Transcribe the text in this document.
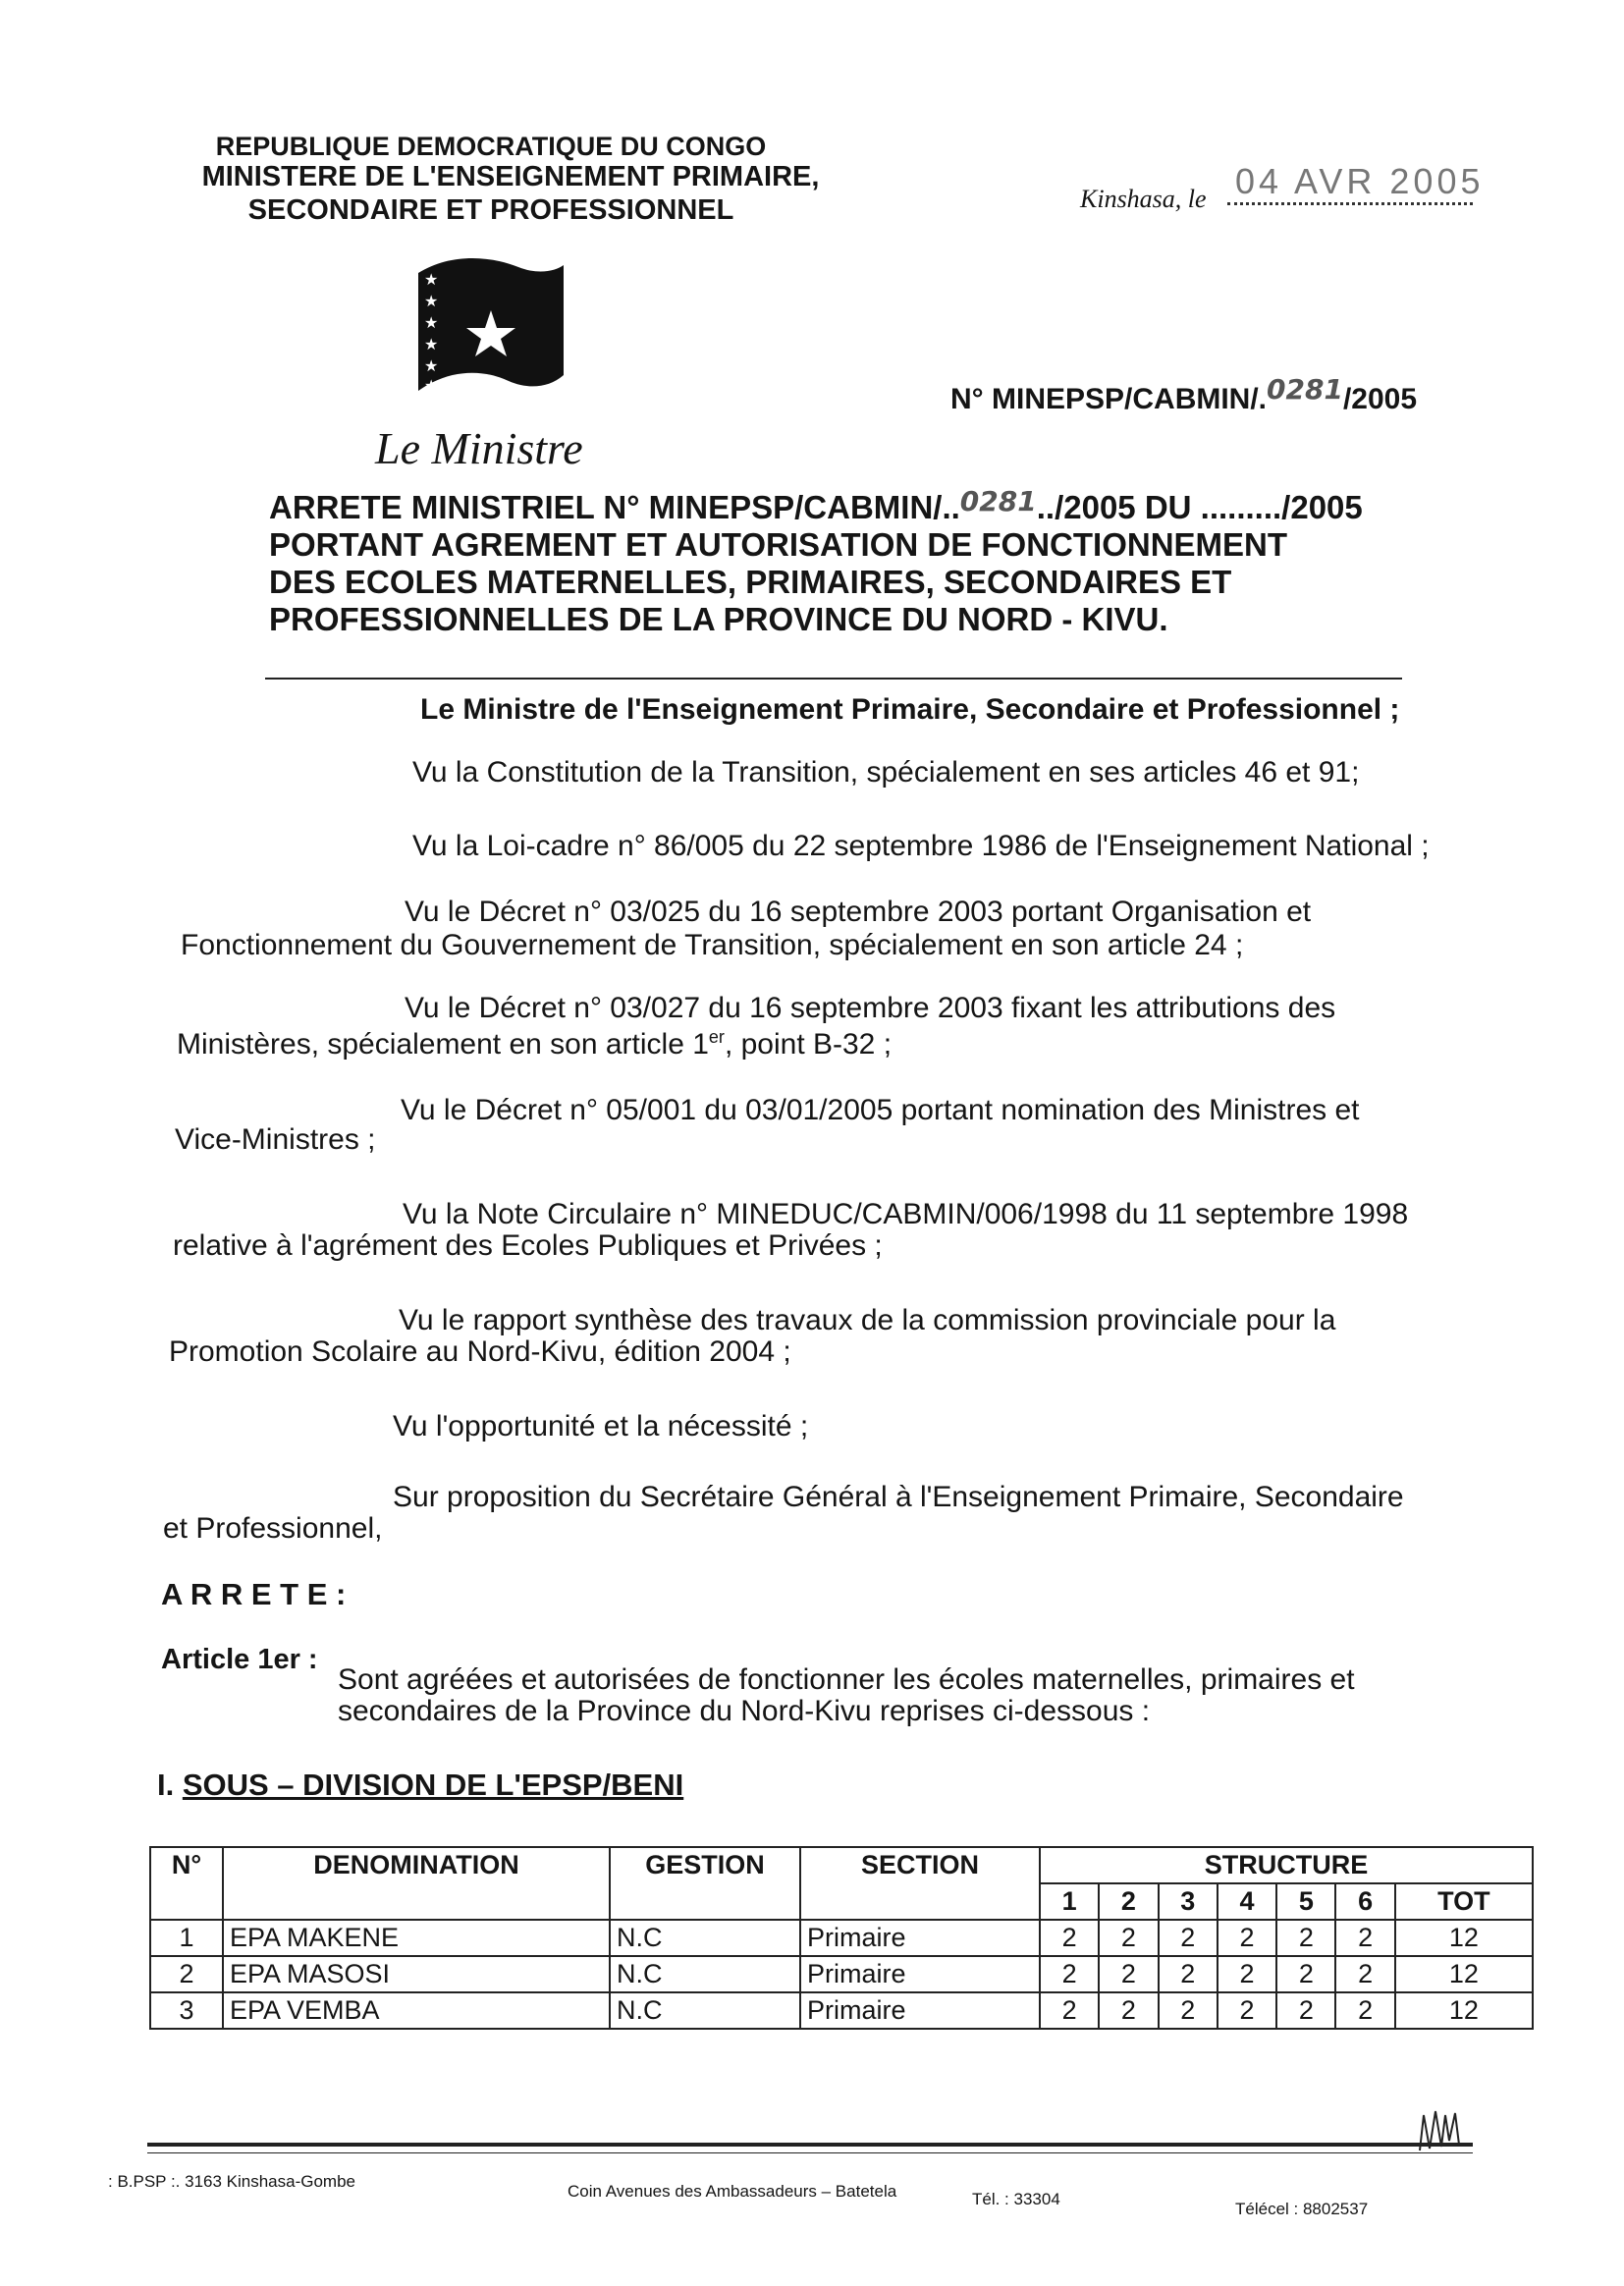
REPUBLIQUE DEMOCRATIQUE DU CONGO
MINISTERE DE L'ENSEIGNEMENT PRIMAIRE,
SECONDAIRE ET PROFESSIONNEL	Kinshasa, le 04 AVR 2005
★
★
★
★
★
★	N° MINEPSP/CABMIN/.0281/2005
Le Ministre
ARRETE MINISTRIEL N° MINEPSP/CABMIN/..$^{0281}$../2005 DU ........./2005
PORTANT AGREMENT ET AUTORISATION DE FONCTIONNEMENT
DES ECOLES MATERNELLES, PRIMAIRES, SECONDAIRES ET
PROFESSIONNELLES DE LA PROVINCE DU NORD - KIVU.
Le Ministre de l'Enseignement Primaire, Secondaire et Professionnel ;
Vu la Constitution de la Transition, spécialement en ses articles 46 et 91;
Vu la Loi-cadre n° 86/005 du 22 septembre 1986 de l'Enseignement National ;
Vu le Décret n° 03/025 du 16 septembre 2003 portant Organisation et
Fonctionnement du Gouvernement de Transition, spécialement en son article 24 ;
Vu le Décret n° 03/027 du 16 septembre 2003 fixant les attributions des
Ministères, spécialement en son article 1er, point B-32 ;
Vu le Décret n° 05/001 du 03/01/2005 portant nomination des Ministres et
Vice-Ministres ;
Vu la Note Circulaire n° MINEDUC/CABMIN/006/1998 du 11 septembre 1998
relative à l'agrément des Ecoles Publiques et Privées ;
Vu le rapport synthèse des travaux de la commission provinciale pour la
Promotion Scolaire au Nord-Kivu, édition 2004 ;
Vu l'opportunité et la nécessité ;
Sur proposition du Secrétaire Général à l'Enseignement Primaire, Secondaire
et Professionnel,
A R R E T E :
Article 1er :
Sont agréées et autorisées de fonctionner les écoles maternelles, primaires et
secondaires de la Province du Nord-Kivu reprises ci-dessous :
I. SOUS – DIVISION DE L'EPSP/BENI
N°	DENOMINATION	GESTION	SECTION	STRUCTURE						
				1	2	3	4	5	6	TOT
1	EPA MAKENE	N.C	Primaire	2	2	2	2	2	2	12
2	EPA MASOSI	N.C	Primaire	2	2	2	2	2	2	12
3	EPA VEMBA	N.C	Primaire	2	2	2	2	2	2	12
: B.PSP :. 3163 Kinshasa-Gombe
Coin Avenues des Ambassadeurs – Batetela	Tél. : 33304
Télécel : 8802537
